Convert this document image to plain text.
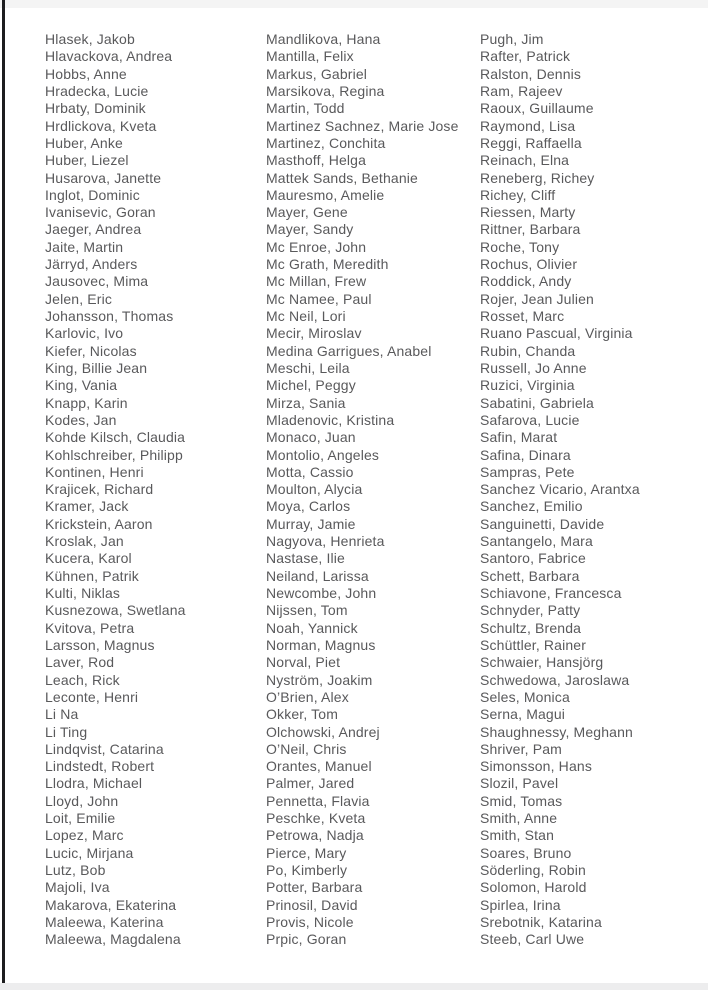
Hlasek, Jakob
Hlavackova, Andrea
Hobbs, Anne
Hradecka, Lucie
Hrbaty, Dominik
Hrdlickova, Kveta
Huber, Anke
Huber, Liezel
Husarova, Janette
Inglot, Dominic
Ivanisevic, Goran
Jaeger, Andrea
Jaite, Martin
Järryd, Anders
Jausovec, Mima
Jelen, Eric
Johansson, Thomas
Karlovic, Ivo
Kiefer, Nicolas
King, Billie Jean
King, Vania
Knapp, Karin
Kodes, Jan
Kohde Kilsch, Claudia
Kohlschreiber, Philipp
Kontinen, Henri
Krajicek, Richard
Kramer, Jack
Krickstein, Aaron
Kroslak, Jan
Kucera, Karol
Kühnen, Patrik
Kulti, Niklas
Kusnezowa, Swetlana
Kvitova, Petra
Larsson, Magnus
Laver, Rod
Leach, Rick
Leconte, Henri
Li Na
Li Ting
Lindqvist, Catarina
Lindstedt, Robert
Llodra, Michael
Lloyd, John
Loit, Emilie
Lopez, Marc
Lucic, Mirjana
Lutz, Bob
Majoli, Iva
Makarova, Ekaterina
Maleewa, Katerina
Maleewa, Magdalena
Mandlikova, Hana
Mantilla, Felix
Markus, Gabriel
Marsikova, Regina
Martin, Todd
Martinez Sachnez, Marie Jose
Martinez, Conchita
Masthoff, Helga
Mattek Sands, Bethanie
Mauresmo, Amelie
Mayer, Gene
Mayer, Sandy
Mc Enroe, John
Mc Grath, Meredith
Mc Millan, Frew
Mc Namee, Paul
Mc Neil, Lori
Mecir, Miroslav
Medina Garrigues, Anabel
Meschi, Leila
Michel, Peggy
Mirza, Sania
Mladenovic, Kristina
Monaco, Juan
Montolio, Angeles
Motta, Cassio
Moulton, Alycia
Moya, Carlos
Murray, Jamie
Nagyova, Henrieta
Nastase, Ilie
Neiland, Larissa
Newcombe, John
Nijssen, Tom
Noah, Yannick
Norman, Magnus
Norval, Piet
Nyström, Joakim
O’Brien, Alex
Okker, Tom
Olchowski, Andrej
O’Neil, Chris
Orantes, Manuel
Palmer, Jared
Pennetta, Flavia
Peschke, Kveta
Petrowa, Nadja
Pierce, Mary
Po, Kimberly
Potter, Barbara
Prinosil, David
Provis, Nicole
Prpic, Goran
Pugh, Jim
Rafter, Patrick
Ralston, Dennis
Ram, Rajeev
Raoux, Guillaume
Raymond, Lisa
Reggi, Raffaella
Reinach, Elna
Reneberg, Richey
Richey, Cliff
Riessen, Marty
Rittner, Barbara
Roche, Tony
Rochus, Olivier
Roddick, Andy
Rojer, Jean Julien
Rosset, Marc
Ruano Pascual, Virginia
Rubin, Chanda
Russell, Jo Anne
Ruzici, Virginia
Sabatini, Gabriela
Safarova, Lucie
Safin, Marat
Safina, Dinara
Sampras, Pete
Sanchez Vicario, Arantxa
Sanchez, Emilio
Sanguinetti, Davide
Santangelo, Mara
Santoro, Fabrice
Schett, Barbara
Schiavone, Francesca
Schnyder, Patty
Schultz, Brenda
Schüttler, Rainer
Schwaier, Hansjörg
Schwedowa, Jaroslawa
Seles, Monica
Serna, Magui
Shaughnessy, Meghann
Shriver, Pam
Simonsson, Hans
Slozil, Pavel
Smid, Tomas
Smith, Anne
Smith, Stan
Soares, Bruno
Söderling, Robin
Solomon, Harold
Spirlea, Irina
Srebotnik, Katarina
Steeb, Carl Uwe
